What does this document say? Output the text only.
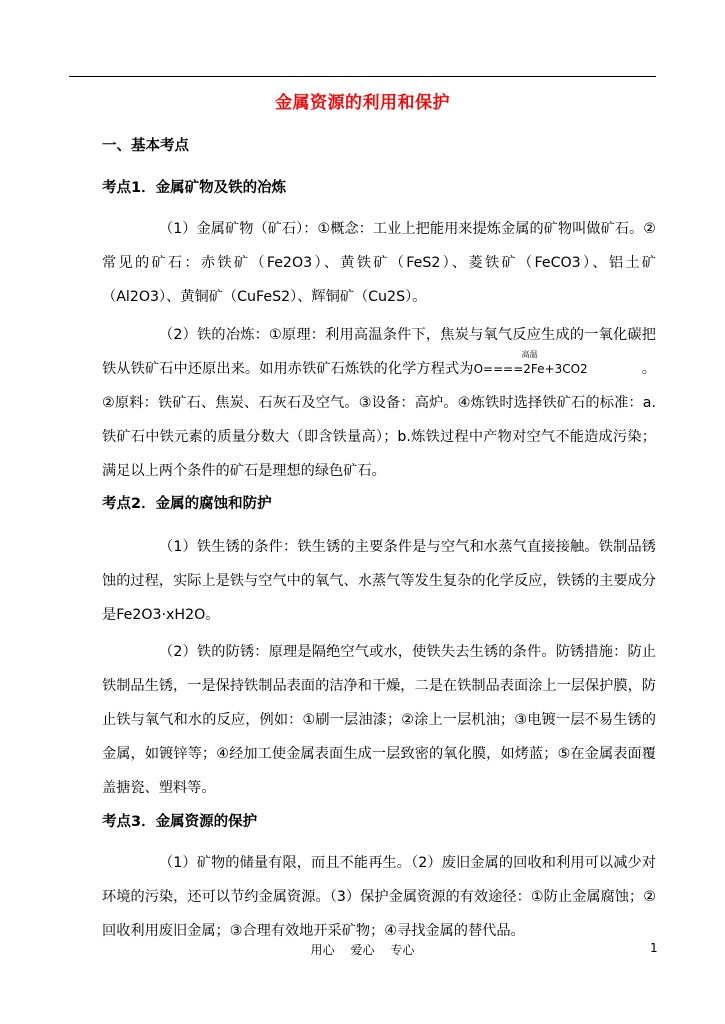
金属资源的利用和保护
一、基本考点
考点1．金属矿物及铁的冶炼
（1）金属矿物（矿石）：①概念：工业上把能用来提炼金属的矿物叫做矿石。②常见的矿石：赤铁矿（Fe2O3）、黄铁矿（FeS2）、菱铁矿（FeCO3）、铝土矿（Al2O3）、黄铜矿（CuFeS2）、辉铜矿（Cu2S）。
（2）铁的冶炼：①原理：利用高温条件下，焦炭与氧气反应生成的一氧化碳把铁从铁矿石中还原出来。如用赤铁矿石炼铁的化学方程式为
高温
O====2Fe+3CO2	。②原料：铁矿石、焦炭、石灰石及空气。③设备：高炉。④炼铁时选择铁矿石的标准：a.铁矿石中铁元素的质量分数大（即含铁量高）；b.炼铁过程中产物对空气不能造成污染；满足以上两个条件的矿石是理想的绿色矿石。
考点2．金属的腐蚀和防护
（1）铁生锈的条件：铁生锈的主要条件是与空气和水蒸气直接接触。铁制品锈蚀的过程，实际上是铁与空气中的氧气、水蒸气等发生复杂的化学反应，铁锈的主要成分是Fe2O3·xH2O。
（2）铁的防锈：原理是隔绝空气或水，使铁失去生锈的条件。防锈措施：防止铁制品生锈，一是保持铁制品表面的洁净和干燥，二是在铁制品表面涂上一层保护膜，防止铁与氧气和水的反应，例如：①刷一层油漆；②涂上一层机油；③电镀一层不易生锈的金属，如镀锌等；④经加工使金属表面生成一层致密的氧化膜，如烤蓝；⑤在金属表面覆盖搪瓷、塑料等。
考点3．金属资源的保护
（1）矿物的储量有限，而且不能再生。（2）废旧金属的回收和利用可以减少对环境的污染，还可以节约金属资源。（3）保护金属资源的有效途径：①防止金属腐蚀；②回收利用废旧金属；③合理有效地开采矿物；④寻找金属的替代品。
用心 爱心 专心	1
